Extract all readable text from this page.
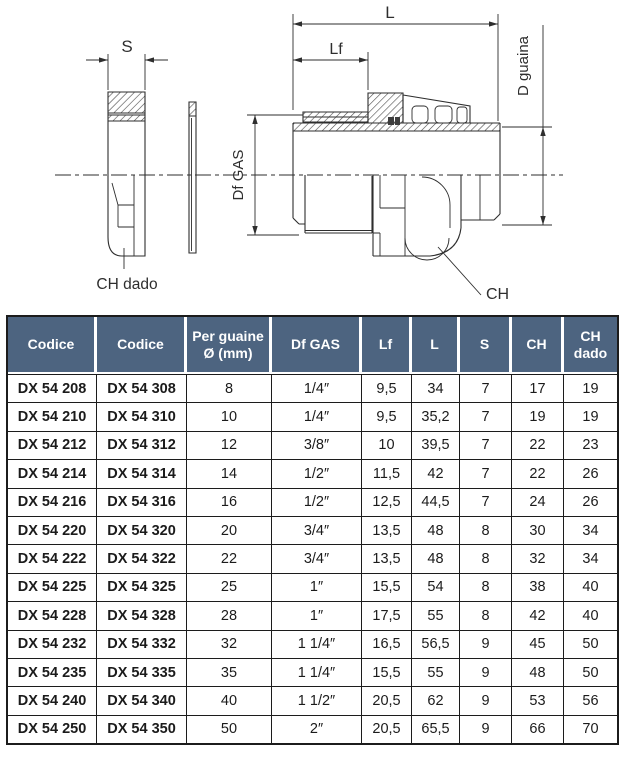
S
CH dado
L
Lf
Df GAS
D guaina
CH
Codice	Codice	Per guaine Ø (mm)	Df GAS	Lf	L	S	CH	CH dado
DX 54 208	DX 54 308	8	1/4″	9,5	34	7	17	19
DX 54 210	DX 54 310	10	1/4″	9,5	35,2	7	19	19
DX 54 212	DX 54 312	12	3/8″	10	39,5	7	22	23
DX 54 214	DX 54 314	14	1/2″	11,5	42	7	22	26
DX 54 216	DX 54 316	16	1/2″	12,5	44,5	7	24	26
DX 54 220	DX 54 320	20	3/4″	13,5	48	8	30	34
DX 54 222	DX 54 322	22	3/4″	13,5	48	8	32	34
DX 54 225	DX 54 325	25	1″	15,5	54	8	38	40
DX 54 228	DX 54 328	28	1″	17,5	55	8	42	40
DX 54 232	DX 54 332	32	1 1/4″	16,5	56,5	9	45	50
DX 54 235	DX 54 335	35	1 1/4″	15,5	55	9	48	50
DX 54 240	DX 54 340	40	1 1/2″	20,5	62	9	53	56
DX 54 250	DX 54 350	50	2″	20,5	65,5	9	66	70
